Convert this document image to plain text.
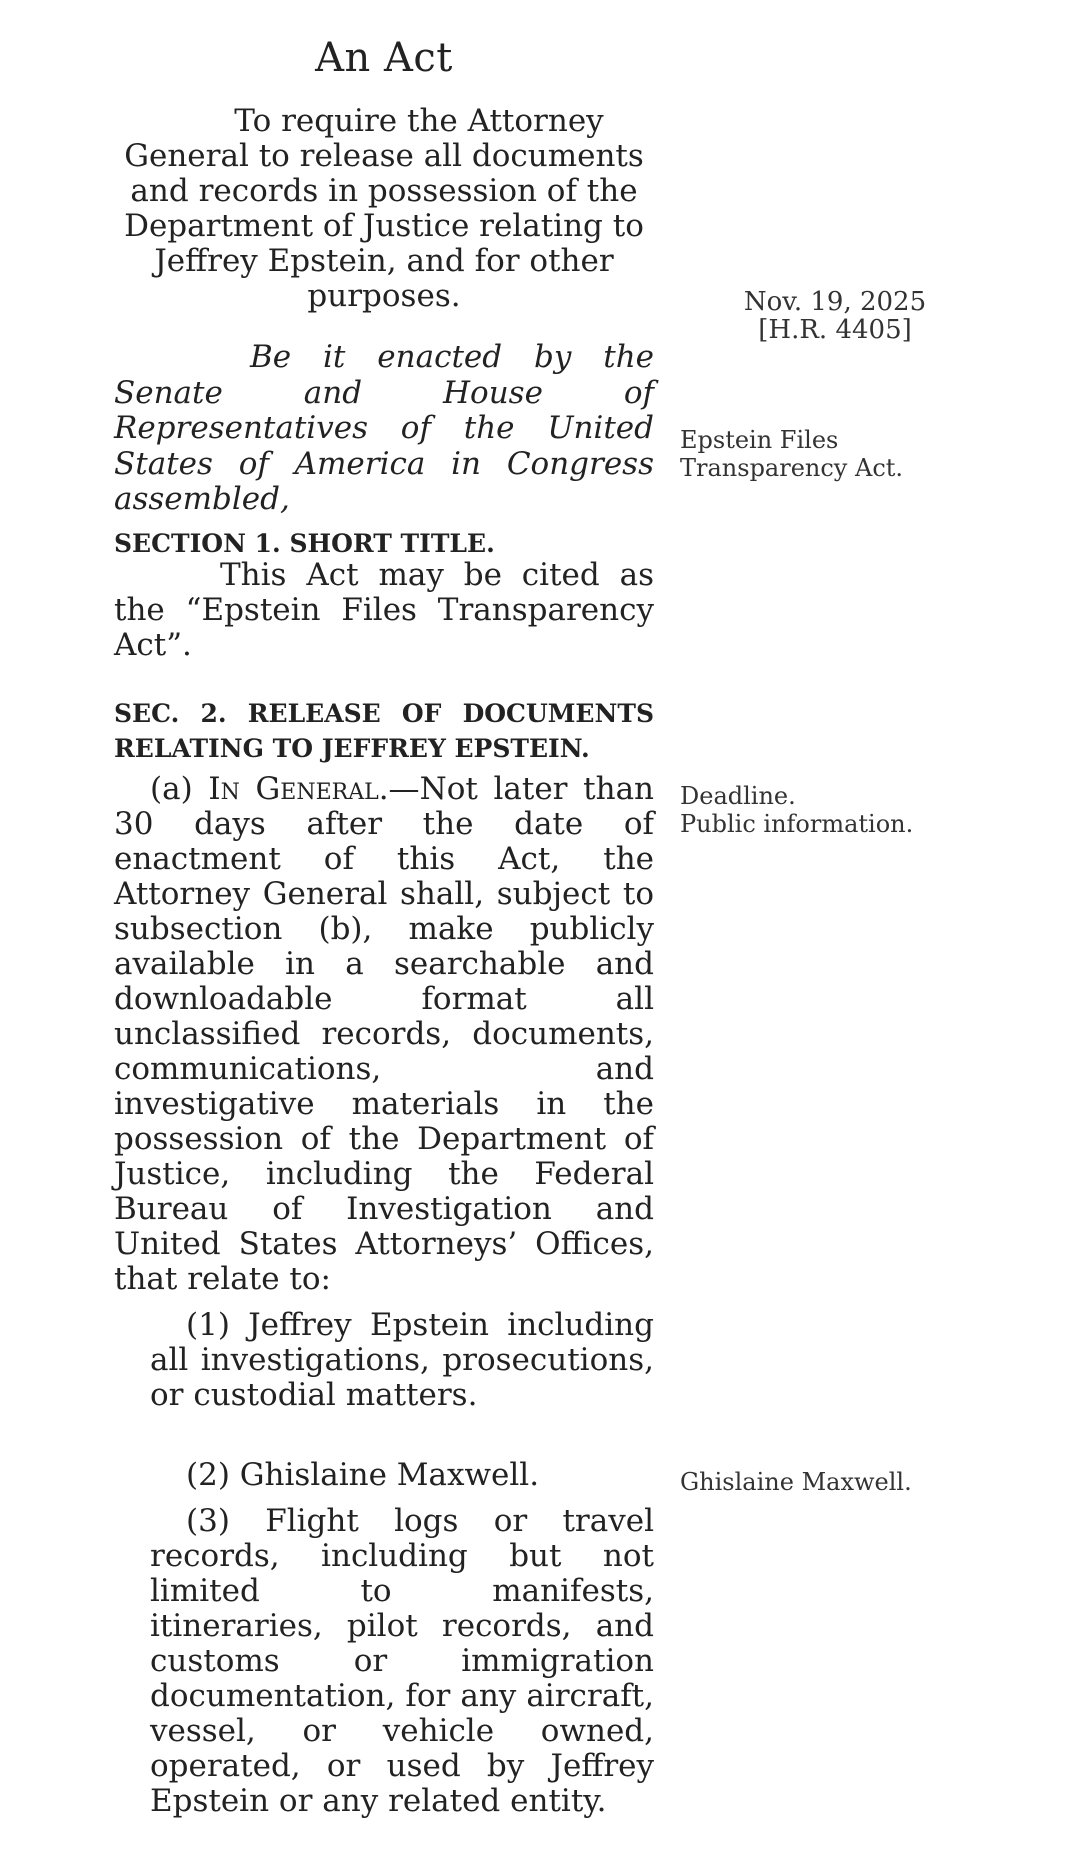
An Act
To require the Attorney General to release all documents and records in possession of the Department of Justice relating to Jeffrey Epstein, and for other purposes.
Be it enacted by the Senate and House of Representatives of the United States of America in Congress assembled,
SECTION 1. SHORT TITLE.
This Act may be cited as the “Epstein Files Transparency Act”.
SEC. 2. RELEASE OF DOCUMENTS RELATING TO JEFFREY EPSTEIN.
(a) In General.—Not later than 30 days after the date of enactment of this Act, the Attorney General shall, subject to subsection (b), make publicly available in a searchable and downloadable format all unclassified records, documents, communications, and investigative materials in the possession of the Department of Justice, including the Federal Bureau of Investigation and United States Attorneys’ Offices, that relate to:
(1) Jeffrey Epstein including all investigations, prosecutions, or custodial matters.
(2) Ghislaine Maxwell.
(3) Flight logs or travel records, including but not limited to manifests, itineraries, pilot records, and customs or immigration documentation, for any aircraft, vessel, or vehicle owned, operated, or used by Jeffrey Epstein or any related entity.
Nov. 19, 2025
[H.R. 4405]
Epstein Files Transparency Act.
Deadline.
Public information.
Ghislaine Maxwell.
